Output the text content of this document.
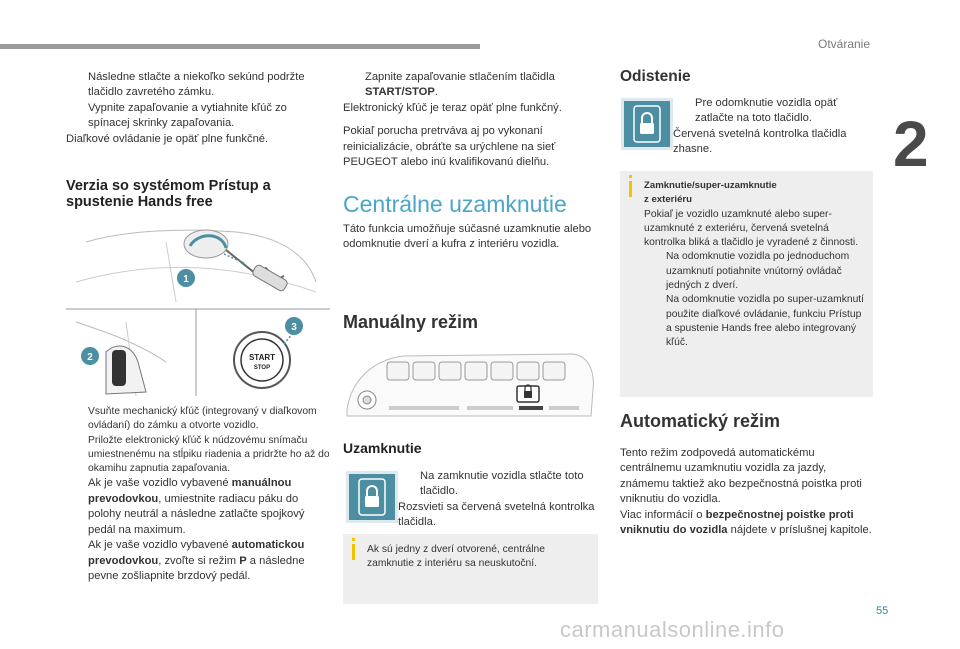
Otváranie
2
55
carmanualsonline.info
Následne stlačte a niekoľko sekúnd podržte tlačidlo zavretého zámku.
Vypnite zapaľovanie a vytiahnite kľúč zo spínacej skrinky zapaľovania.

Diaľkové ovládanie je opäť plne funkčné.

Verzia so systémom Prístup a spustenie Hands free
1
2	START
STOP
3
Vsuňte mechanický kľúč (integrovaný v diaľkovom ovládaní) do zámku a otvorte vozidlo.
Priložte elektronický kľúč k núdzovému snímaču umiestnenému na stĺpiku riadenia a pridržte ho až do okamihu zapnutia zapaľovania.
Ak je vaše vozidlo vybavené manuálnou prevodovkou, umiestnite radiacu páku do polohy neutrál a následne zatlačte spojkový pedál na maximum.
Ak je vaše vozidlo vybavené automatickou prevodovkou, zvoľte si režim P a následne pevne zošliapnite brzdový pedál.
Zapnite zapaľovanie stlačením tlačidla START/STOP.

Elektronický kľúč je teraz opäť plne funkčný.

Pokiaľ porucha pretrváva aj po vykonaní reinicializácie, obráťte sa urýchlene na sieť PEUGEOT alebo inú kvalifikovanú dielňu.

Centrálne uzamknutie

Táto funkcia umožňuje súčasné uzamknutie alebo odomknutie dverí a kufra z interiéru vozidla.

Manuálny režim
Uzamknutie
Na zamknutie vozidla stlačte toto tlačidlo.

Rozsvieti sa červená svetelná kontrolka tlačidla.

Ak sú jedny z dverí otvorené, centrálne zamknutie z interiéru sa neuskutoční.

Odistenie
Pre odomknutie vozidla opäť zatlačte na toto tlačidlo.

Červená svetelná kontrolka tlačidla zhasne.

Zamknutie/super-uzamknutie

z exteriéru

Pokiaľ je vozidlo uzamknuté alebo super-uzamknuté z exteriéru, červená svetelná kontrolka bliká a tlačidlo je vyradené z činnosti.

Na odomknutie vozidla po jednoduchom uzamknutí potiahnite vnútorný ovládač jedných z dverí.
Na odomknutie vozidla po super-uzamknutí použite diaľkové ovládanie, funkciu Prístup a spustenie Hands free alebo integrovaný kľúč.
Automatický režim

Tento režim zodpovedá automatickému centrálnemu uzamknutiu vozidla za jazdy, známemu taktiež ako bezpečnostná poistka proti vniknutiu do vozidla.

Viac informácií o bezpečnostnej poistke proti vniknutiu do vozidla nájdete v príslušnej kapitole.
